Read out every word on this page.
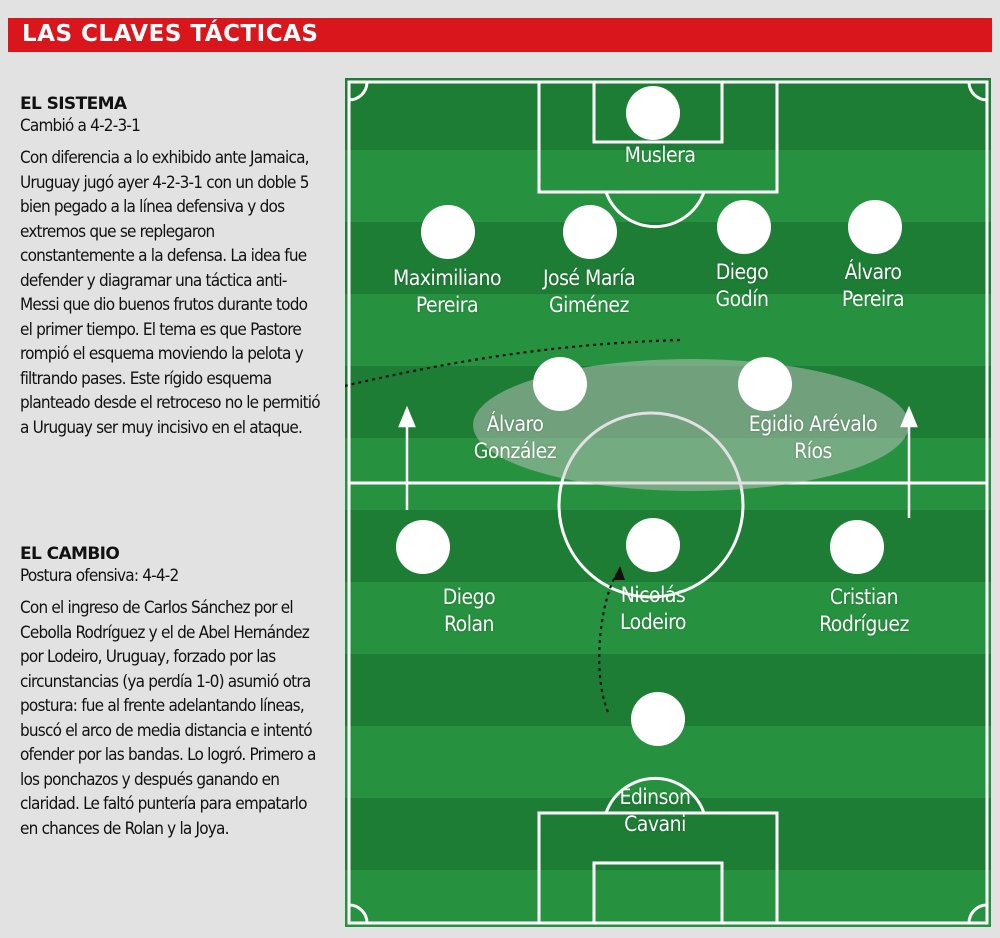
LAS CLAVES TÁCTICAS
EL SISTEMA
Cambió a 4-2-3-1
Con diferencia a lo exhibido ante Jamaica, Uruguay jugó ayer 4-2-3-1 con un doble 5 bien pegado a la línea defensiva y dos extremos que se replegaron constantemente a la defensa. La idea fue defender y diagramar una táctica anti-Messi que dio buenos frutos durante todo el primer tiempo. El tema es que Pastore rompió el esquema moviendo la pelota y filtrando pases. Este rígido esquema planteado desde el retroceso no le permitió a Uruguay ser muy incisivo en el ataque.
EL CAMBIO
Postura ofensiva: 4-4-2
Con el ingreso de Carlos Sánchez por el Cebolla Rodríguez y el de Abel Hernández por Lodeiro, Uruguay, forzado por las circunstancias (ya perdía 1-0) asumió otra postura: fue al frente adelantando líneas, buscó el arco de media distancia e intentó ofender por las bandas. Lo logró. Primero a los ponchazos y después ganando en claridad. Le faltó puntería para empatarlo en chances de Rolan y la Joya.
Muslera
Maximiliano
Pereira
José María
Giménez
Diego
Godín
Álvaro
Pereira
Álvaro
González
Egidio Arévalo
Ríos
Diego
Rolan
Nicolás
Lodeiro
Cristian
Rodríguez
Edinson
Cavani
